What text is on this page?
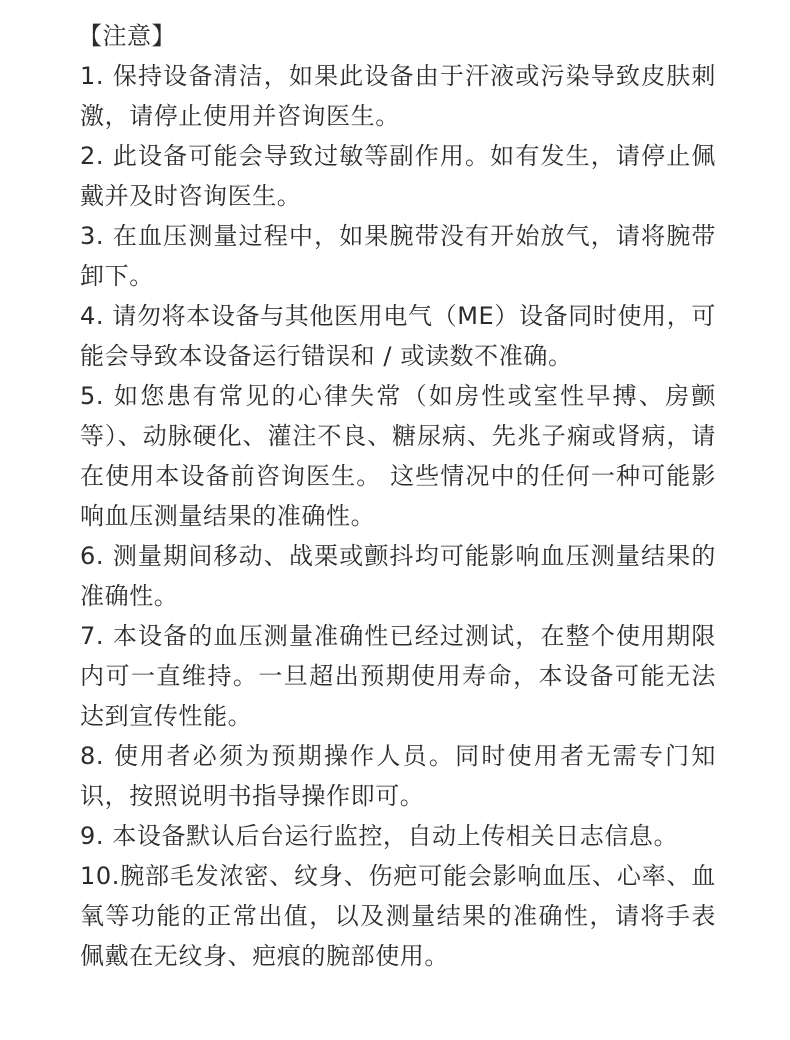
【注意】
1. 保持设备清洁，如果此设备由于汗液或污染导致皮肤刺激，请停止使用并咨询医生。
2. 此设备可能会导致过敏等副作用。如有发生，请停止佩戴并及时咨询医生。
3. 在血压测量过程中，如果腕带没有开始放气，请将腕带卸下。
4. 请勿将本设备与其他医用电气（ME）设备同时使用，可能会导致本设备运行错误和 / 或读数不准确。
5. 如您患有常见的心律失常（如房性或室性早搏、房颤等）、动脉硬化、灌注不良、糖尿病、先兆子痫或肾病，请在使用本设备前咨询医生。 这些情况中的任何一种可能影响血压测量结果的准确性。
6. 测量期间移动、战栗或颤抖均可能影响血压测量结果的准确性。
7. 本设备的血压测量准确性已经过测试，在整个使用期限内可一直维持。一旦超出预期使用寿命，本设备可能无法达到宣传性能。
8. 使用者必须为预期操作人员。同时使用者无需专门知识，按照说明书指导操作即可。
9. 本设备默认后台运行监控，自动上传相关日志信息。
10.腕部毛发浓密、纹身、伤疤可能会影响血压、心率、血氧等功能的正常出值，以及测量结果的准确性，请将手表佩戴在无纹身、疤痕的腕部使用。
